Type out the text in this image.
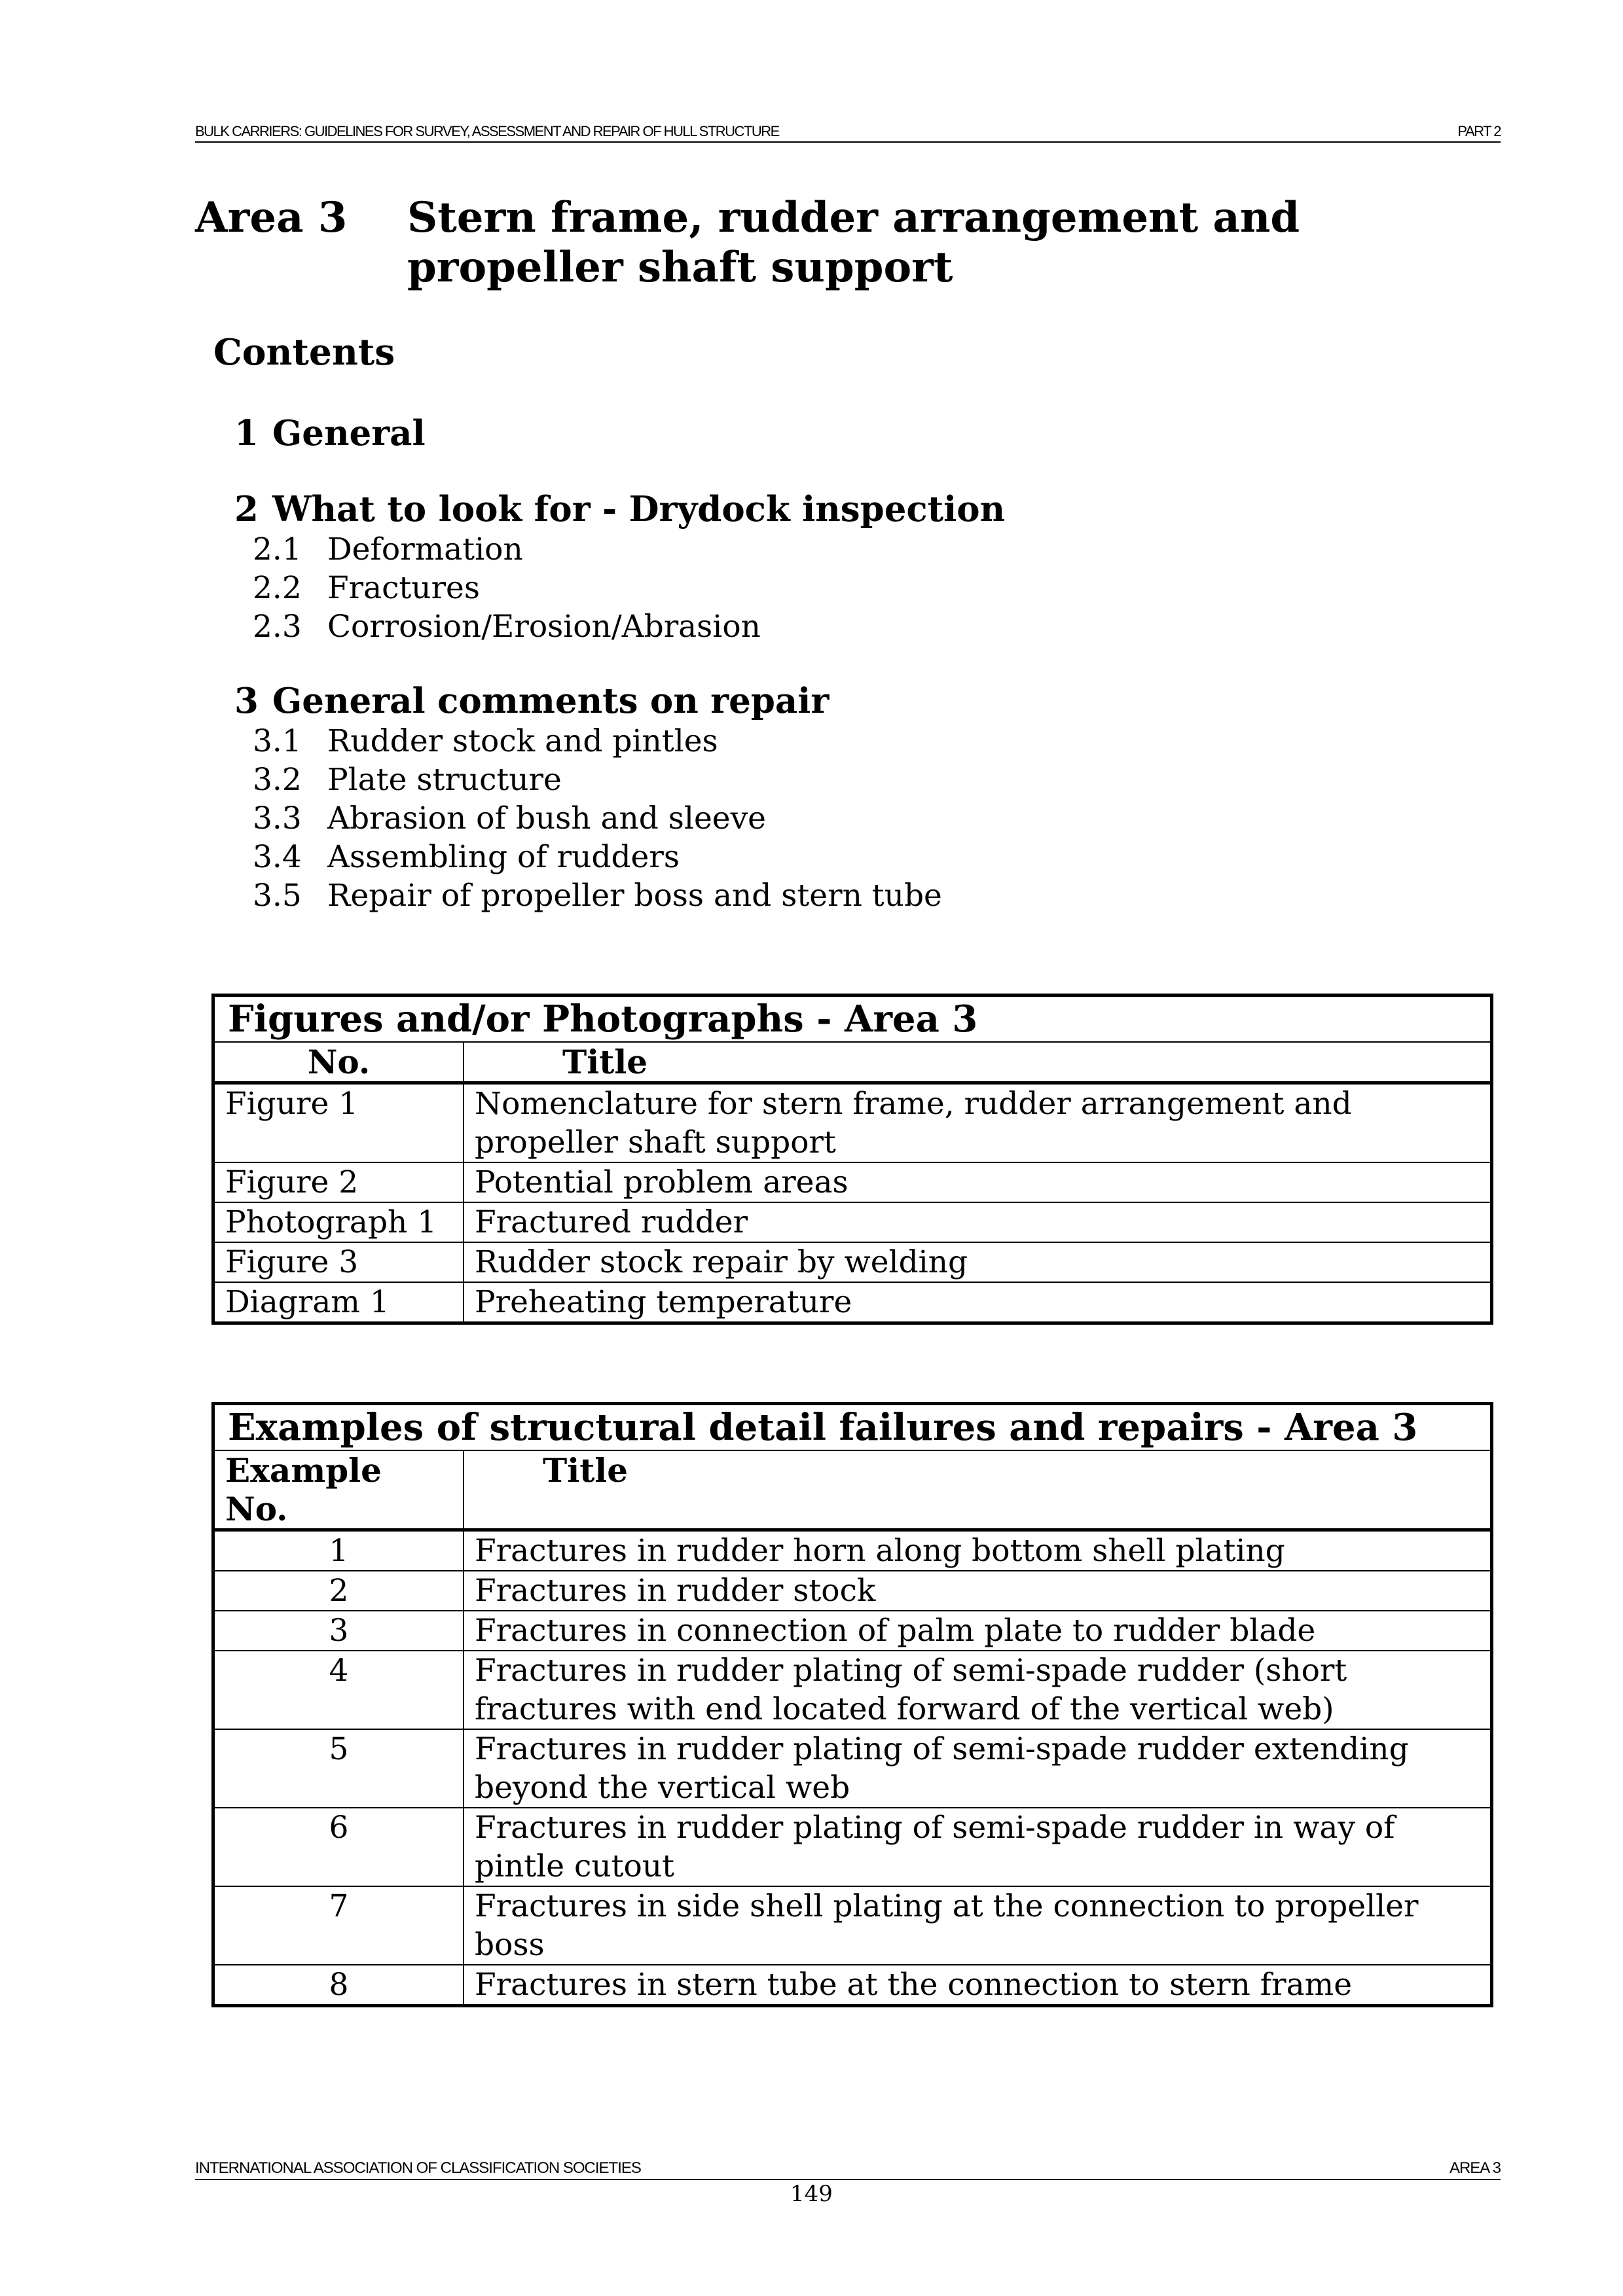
BULK CARRIERS: GUIDELINES FOR SURVEY, ASSESSMENT AND REPAIR OF HULL STRUCTURE	PART 2
Area 3 Stern frame, rudder arrangement and propeller shaft support
Contents
1 General
2 What to look for - Drydock inspection
2.1 Deformation
2.2 Fractures
2.3 Corrosion/Erosion/Abrasion
3 General comments on repair
3.1 Rudder stock and pintles
3.2 Plate structure
3.3 Abrasion of bush and sleeve
3.4 Assembling of rudders
3.5 Repair of propeller boss and stern tube
Figures and/or Photographs - Area 3	
No.	Title
Figure 1	Nomenclature for stern frame, rudder arrangement and propeller shaft support
Figure 2	Potential problem areas
Photograph 1	Fractured rudder
Figure 3	Rudder stock repair by welding
Diagram 1	Preheating temperature
Examples of structural detail failures and repairs - Area 3	
Example No.	Title
1	Fractures in rudder horn along bottom shell plating
2	Fractures in rudder stock
3	Fractures in connection of palm plate to rudder blade
4	Fractures in rudder plating of semi-spade rudder (short fractures with end located forward of the vertical web)
5	Fractures in rudder plating of semi-spade rudder extending beyond the vertical web
6	Fractures in rudder plating of semi-spade rudder in way of pintle cutout
7	Fractures in side shell plating at the connection to propeller boss
8	Fractures in stern tube at the connection to stern frame
INTERNATIONAL ASSOCIATION OF CLASSIFICATION SOCIETIES	AREA 3
149
